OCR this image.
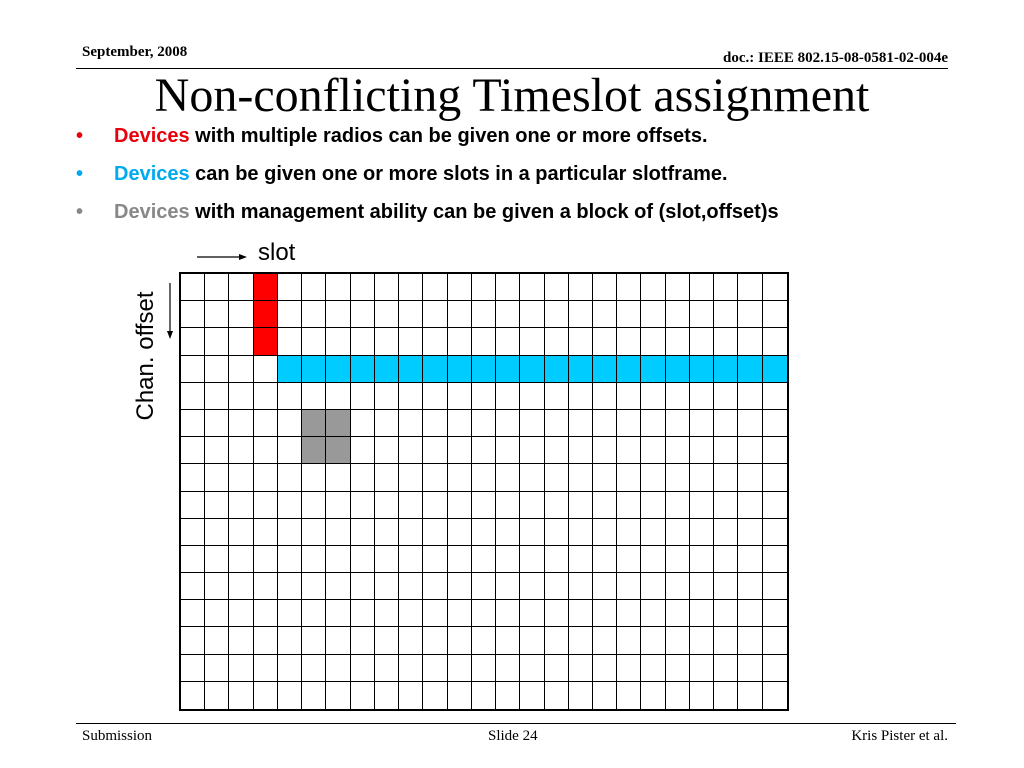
September, 2008	doc.: IEEE 802.15-08-0581-02-004e
Non-conflicting Timeslot assignment
• Devices with multiple radios can be given one or more offsets.
• Devices can be given one or more slots in a particular slotframe.
• Devices with management ability can be given a block of (slot,offset)s
slot
Chan. offset
Submission	Slide 24	Kris Pister et al.
